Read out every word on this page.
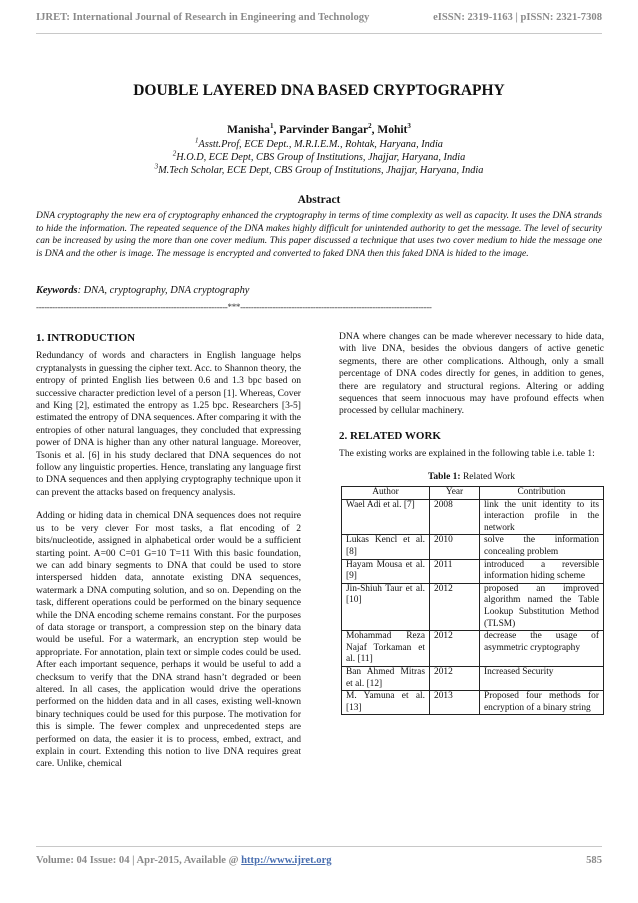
IJRET: International Journal of Research in Engineering and Technology	eISSN: 2319-1163 | pISSN: 2321-7308
DOUBLE LAYERED DNA BASED CRYPTOGRAPHY
Manisha$^1$, Parvinder Bangar$^2$, Mohit$^3$
$^1$Asstt.Prof, ECE Dept., M.R.I.E.M., Rohtak, Haryana, India
$^2$H.O.D, ECE Dept, CBS Group of Institutions, Jhajjar, Haryana, India
$^3$M.Tech Scholar, ECE Dept, CBS Group of Institutions, Jhajjar, Haryana, India
Abstract
DNA cryptography the new era of cryptography enhanced the cryptography in terms of time complexity as well as capacity. It uses the DNA strands to hide the information. The repeated sequence of the DNA makes highly difficult for unintended authority to get the message. The level of security can be increased by using the more than one cover medium. This paper discussed a technique that uses two cover medium to hide the message one is DNA and the other is image. The message is encrypted and converted to faked DNA then this faked DNA is hided to the image.
Keywords: DNA, cryptography, DNA cryptography
-----------------------------------------------------------------------***-----------------------------------------------------------------------
1. INTRODUCTION

Redundancy of words and characters in English language helps cryptanalysts in guessing the cipher text. Acc. to Shannon theory, the entropy of printed English lies between 0.6 and 1.3 bpc based on successive character prediction level of a person [1]. Whereas, Cover and King [2], estimated the entropy as 1.25 bpc. Researchers [3-5] estimated the entropy of DNA sequences. After comparing it with the entropies of other natural languages, they concluded that expressing power of DNA is higher than any other natural language. Moreover, Tsonis et al. [6] in his study declared that DNA sequences do not follow any linguistic properties. Hence, translating any language first to DNA sequences and then applying cryptography technique upon it can prevent the attacks based on frequency analysis.

Adding or hiding data in chemical DNA sequences does not require us to be very clever For most tasks, a flat encoding of 2 bits/nucleotide, assigned in alphabetical order would be a sufficient starting point. A=00 C=01 G=10 T=11 With this basic foundation, we can add binary segments to DNA that could be used to store interspersed hidden data, annotate existing DNA sequences, watermark a DNA computing solution, and so on. Depending on the task, different operations could be performed on the binary sequence while the DNA encoding scheme remains constant. For the purposes of data storage or transport, a compression step on the binary data would be useful. For a watermark, an encryption step would be appropriate. For annotation, plain text or simple codes could be used. After each important sequence, perhaps it would be useful to add a checksum to verify that the DNA strand hasn’t degraded or been altered. In all cases, the application would drive the operations performed on the hidden data and in all cases, existing well-known binary techniques could be used for this purpose. The motivation for this is simple. The fewer complex and unprecedented steps are performed on data, the easier it is to process, embed, extract, and explain in court. Extending this notion to live DNA requires great care. Unlike, chemical

DNA where changes can be made wherever necessary to hide data, with live DNA, besides the obvious dangers of active genetic segments, there are other complications. Although, only a small percentage of DNA codes directly for genes, in addition to genes, there are regulatory and structural regions. Altering or adding sequences that seem innocuous may have profound effects when processed by cellular machinery.

2. RELATED WORK

The existing works are explained in the following table i.e. table 1:

Table 1: Related Work
Author	Year	Contribution
Wael Adi et al. [7]	2008	link the unit identity to its interaction profile in the network
Lukas Kencl et al. [8]	2010	solve the information concealing problem
Hayam Mousa et al. [9]	2011	introduced a reversible information hiding scheme
Jin-Shiuh Taur et al. [10]	2012	proposed an improved algorithm named the Table Lookup Substitution Method (TLSM)
Mohammad Reza Najaf Torkaman et al. [11]	2012	decrease the usage of asymmetric cryptography
Ban Ahmed Mitras et al. [12]	2012	Increased Security
M. Yamuna et al. [13]	2013	Proposed four methods for encryption of a binary string
Volume: 04 Issue: 04 | Apr-2015, Available @ http://www.ijret.org	585
